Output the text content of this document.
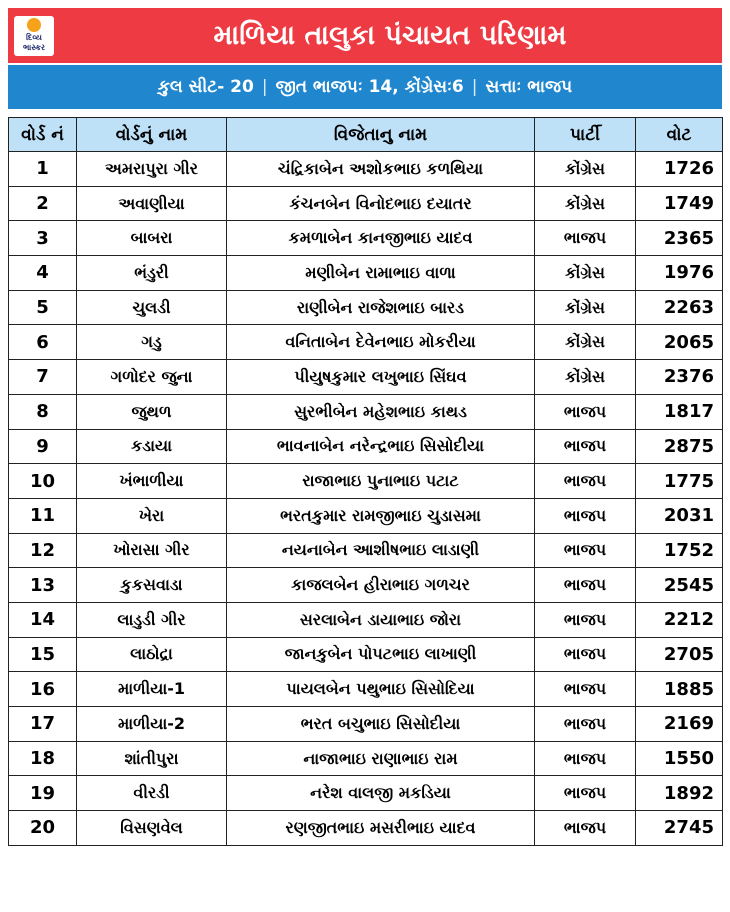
દિવ્ય
ભાસ્કર	માળિયા તાલુકા પંચાયત પરિણામ
કુલ સીટ- 20 | જીત ભાજપઃ 14, કોંગ્રેસઃ6 | સત્તાઃ ભાજપ
વોર્ડ નં	વોર્ડનું નામ	વિજેતાનુ નામ	પાર્ટી	વોટ
1	અમરાપુરા ગીર	ચંદ્રિકાબેન અશોકભાઇ કળથિયા	કોંગ્રેસ	1726
2	અવાણીયા	કંચનબેન વિનોદભાઇ દયાતર	કોંગ્રેસ	1749
3	બાબરા	કમળાબેન કાનજીભાઇ યાદવ	ભાજપ	2365
4	ભંડુરી	મણીબેન રામાભાઇ વાળા	કોંગ્રેસ	1976
5	ચુલડી	રાણીબેન રાજેશભાઇ બારડ	કોંગ્રેસ	2263
6	ગડુ	વનિતાબેન દેવેનભાઇ મોકરીયા	કોંગ્રેસ	2065
7	ગળોદર જુના	પીયુષકુમાર લખુભાઇ સિંઘવ	કોંગ્રેસ	2376
8	જુથળ	સુરભીબેન મહેશભાઇ કાથડ	ભાજપ	1817
9	કડાયા	ભાવનાબેન નરેન્દ્રભાઇ સિસોદીયા	ભાજપ	2875
10	ખંભાળીયા	રાજાભાઇ પુનાભાઇ પટાટ	ભાજપ	1775
11	ખેરા	ભરતકુમાર રામજીભાઇ ચુડાસમા	ભાજપ	2031
12	ખોરાસા ગીર	નયનાબેન આશીષભાઇ લાડાણી	ભાજપ	1752
13	કુકસવાડા	કાજલબેન હીરાભાઇ ગળચર	ભાજપ	2545
14	લાડુડી ગીર	સરલાબેન ડાયાભાઇ જોરા	ભાજપ	2212
15	લાઠોદ્રા	જાનકુબેન પોપટભાઇ લાખાણી	ભાજપ	2705
16	માળીયા-1	પાયલબેન પથુભાઇ સિસોદિયા	ભાજપ	1885
17	માળીયા-2	ભરત બચુભાઇ સિસોદીયા	ભાજપ	2169
18	શાંતીપુરા	નાજાભાઇ રાણાભાઇ રામ	ભાજપ	1550
19	વીરડી	નરેશ વાલજી મકડિયા	ભાજપ	1892
20	વિસણવેલ	રણજીતભાઇ મસરીભાઇ યાદવ	ભાજપ	2745
